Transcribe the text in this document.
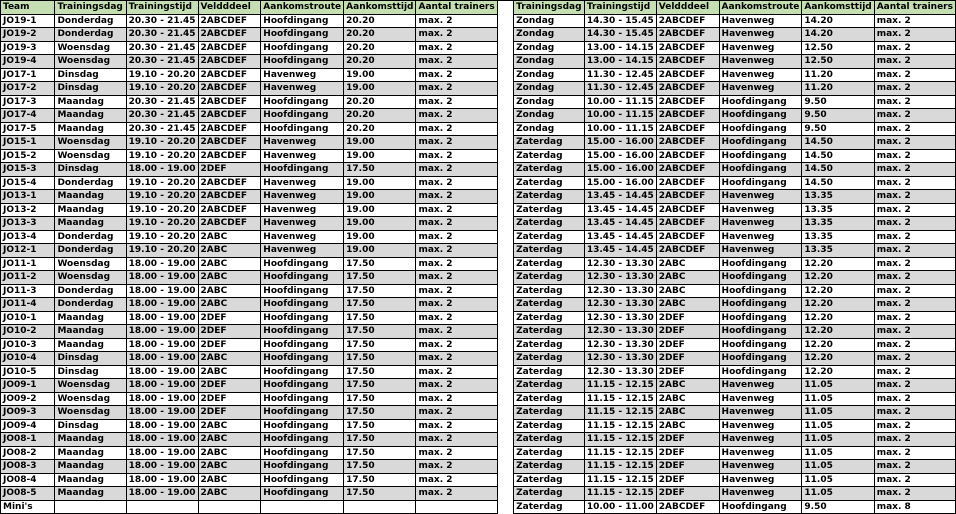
Team	Trainingsdag	Trainingstijd	Veldddeel	Aankomstroute	Aankomsttijd	Aantal trainers		Trainingsdag	Trainingstijd	Veldddeel	Aankomstroute	Aankomsttijd	Aantal trainers
JO19-1	Donderdag	20.30 - 21.45	2ABCDEF	Hoofdingang	20.20	max. 2		Zondag	14.30 - 15.45	2ABCDEF	Havenweg	14.20	max. 2
JO19-2	Donderdag	20.30 - 21.45	2ABCDEF	Hoofdingang	20.20	max. 2		Zondag	14.30 - 15.45	2ABCDEF	Havenweg	14.20	max. 2
JO19-3	Woensdag	20.30 - 21.45	2ABCDEF	Hoofdingang	20.20	max. 2		Zondag	13.00 - 14.15	2ABCDEF	Havenweg	12.50	max. 2
JO19-4	Woensdag	20.30 - 21.45	2ABCDEF	Hoofdingang	20.20	max. 2		Zondag	13.00 - 14.15	2ABCDEF	Havenweg	12.50	max. 2
JO17-1	Dinsdag	19.10 - 20.20	2ABCDEF	Havenweg	19.00	max. 2		Zondag	11.30 - 12.45	2ABCDEF	Havenweg	11.20	max. 2
JO17-2	Dinsdag	19.10 - 20.20	2ABCDEF	Havenweg	19.00	max. 2		Zondag	11.30 - 12.45	2ABCDEF	Havenweg	11.20	max. 2
JO17-3	Maandag	20.30 - 21.45	2ABCDEF	Hoofdingang	20.20	max. 2		Zondag	10.00 - 11.15	2ABCDEF	Hoofdingang	9.50	max. 2
JO17-4	Maandag	20.30 - 21.45	2ABCDEF	Hoofdingang	20.20	max. 2		Zondag	10.00 - 11.15	2ABCDEF	Hoofdingang	9.50	max. 2
JO17-5	Maandag	20.30 - 21.45	2ABCDEF	Hoofdingang	20.20	max. 2		Zondag	10.00 - 11.15	2ABCDEF	Hoofdingang	9.50	max. 2
JO15-1	Woensdag	19.10 - 20.20	2ABCDEF	Havenweg	19.00	max. 2		Zaterdag	15.00 - 16.00	2ABCDEF	Hoofdingang	14.50	max. 2
JO15-2	Woensdag	19.10 - 20.20	2ABCDEF	Havenweg	19.00	max. 2		Zaterdag	15.00 - 16.00	2ABCDEF	Hoofdingang	14.50	max. 2
JO15-3	Dinsdag	18.00 - 19.00	2DEF	Hoofdingang	17.50	max. 2		Zaterdag	15.00 - 16.00	2ABCDEF	Hoofdingang	14.50	max. 2
JO15-4	Donderdag	19.10 - 20.20	2ABCDEF	Havenweg	19.00	max. 2		Zaterdag	15.00 - 16.00	2ABCDEF	Hoofdingang	14.50	max. 2
JO13-1	Maandag	19.10 - 20.20	2ABCDEF	Havenweg	19.00	max. 2		Zaterdag	13.45 - 14.45	2ABCDEF	Havenweg	13.35	max. 2
JO13-2	Maandag	19.10 - 20.20	2ABCDEF	Havenweg	19.00	max. 2		Zaterdag	13.45 - 14.45	2ABCDEF	Havenweg	13.35	max. 2
JO13-3	Maandag	19.10 - 20.20	2ABCDEF	Havenweg	19.00	max. 2		Zaterdag	13.45 - 14.45	2ABCDEF	Havenweg	13.35	max. 2
JO13-4	Donderdag	19.10 - 20.20	2ABC	Havenweg	19.00	max. 2		Zaterdag	13.45 - 14.45	2ABCDEF	Havenweg	13.35	max. 2
JO12-1	Donderdag	19.10 - 20.20	2ABC	Havenweg	19.00	max. 2		Zaterdag	13.45 - 14.45	2ABCDEF	Havenweg	13.35	max. 2
JO11-1	Woensdag	18.00 - 19.00	2ABC	Hoofdingang	17.50	max. 2		Zaterdag	12.30 - 13.30	2ABC	Hoofdingang	12.20	max. 2
JO11-2	Woensdag	18.00 - 19.00	2ABC	Hoofdingang	17.50	max. 2		Zaterdag	12.30 - 13.30	2ABC	Hoofdingang	12.20	max. 2
JO11-3	Donderdag	18.00 - 19.00	2ABC	Hoofdingang	17.50	max. 2		Zaterdag	12.30 - 13.30	2ABC	Hoofdingang	12.20	max. 2
JO11-4	Donderdag	18.00 - 19.00	2ABC	Hoofdingang	17.50	max. 2		Zaterdag	12.30 - 13.30	2ABC	Hoofdingang	12.20	max. 2
JO10-1	Maandag	18.00 - 19.00	2DEF	Hoofdingang	17.50	max. 2		Zaterdag	12.30 - 13.30	2DEF	Hoofdingang	12.20	max. 2
JO10-2	Maandag	18.00 - 19.00	2DEF	Hoofdingang	17.50	max. 2		Zaterdag	12.30 - 13.30	2DEF	Hoofdingang	12.20	max. 2
JO10-3	Maandag	18.00 - 19.00	2DEF	Hoofdingang	17.50	max. 2		Zaterdag	12.30 - 13.30	2DEF	Hoofdingang	12.20	max. 2
JO10-4	Dinsdag	18.00 - 19.00	2ABC	Hoofdingang	17.50	max. 2		Zaterdag	12.30 - 13.30	2DEF	Hoofdingang	12.20	max. 2
JO10-5	Dinsdag	18.00 - 19.00	2ABC	Hoofdingang	17.50	max. 2		Zaterdag	12.30 - 13.30	2DEF	Hoofdingang	12.20	max. 2
JO09-1	Woensdag	18.00 - 19.00	2DEF	Hoofdingang	17.50	max. 2		Zaterdag	11.15 - 12.15	2ABC	Havenweg	11.05	max. 2
JO09-2	Woensdag	18.00 - 19.00	2DEF	Hoofdingang	17.50	max. 2		Zaterdag	11.15 - 12.15	2ABC	Havenweg	11.05	max. 2
JO09-3	Woensdag	18.00 - 19.00	2DEF	Hoofdingang	17.50	max. 2		Zaterdag	11.15 - 12.15	2ABC	Havenweg	11.05	max. 2
JO09-4	Dinsdag	18.00 - 19.00	2ABC	Hoofdingang	17.50	max. 2		Zaterdag	11.15 - 12.15	2ABC	Havenweg	11.05	max. 2
JO08-1	Maandag	18.00 - 19.00	2ABC	Hoofdingang	17.50	max. 2		Zaterdag	11.15 - 12.15	2DEF	Havenweg	11.05	max. 2
JO08-2	Maandag	18.00 - 19.00	2ABC	Hoofdingang	17.50	max. 2		Zaterdag	11.15 - 12.15	2DEF	Havenweg	11.05	max. 2
JO08-3	Maandag	18.00 - 19.00	2ABC	Hoofdingang	17.50	max. 2		Zaterdag	11.15 - 12.15	2DEF	Havenweg	11.05	max. 2
JO08-4	Maandag	18.00 - 19.00	2ABC	Hoofdingang	17.50	max. 2		Zaterdag	11.15 - 12.15	2DEF	Havenweg	11.05	max. 2
JO08-5	Maandag	18.00 - 19.00	2ABC	Hoofdingang	17.50	max. 2		Zaterdag	11.15 - 12.15	2DEF	Havenweg	11.05	max. 2
Mini's								Zaterdag	10.00 - 11.00	2ABCDEF	Hoofdingang	9.50	max. 8
